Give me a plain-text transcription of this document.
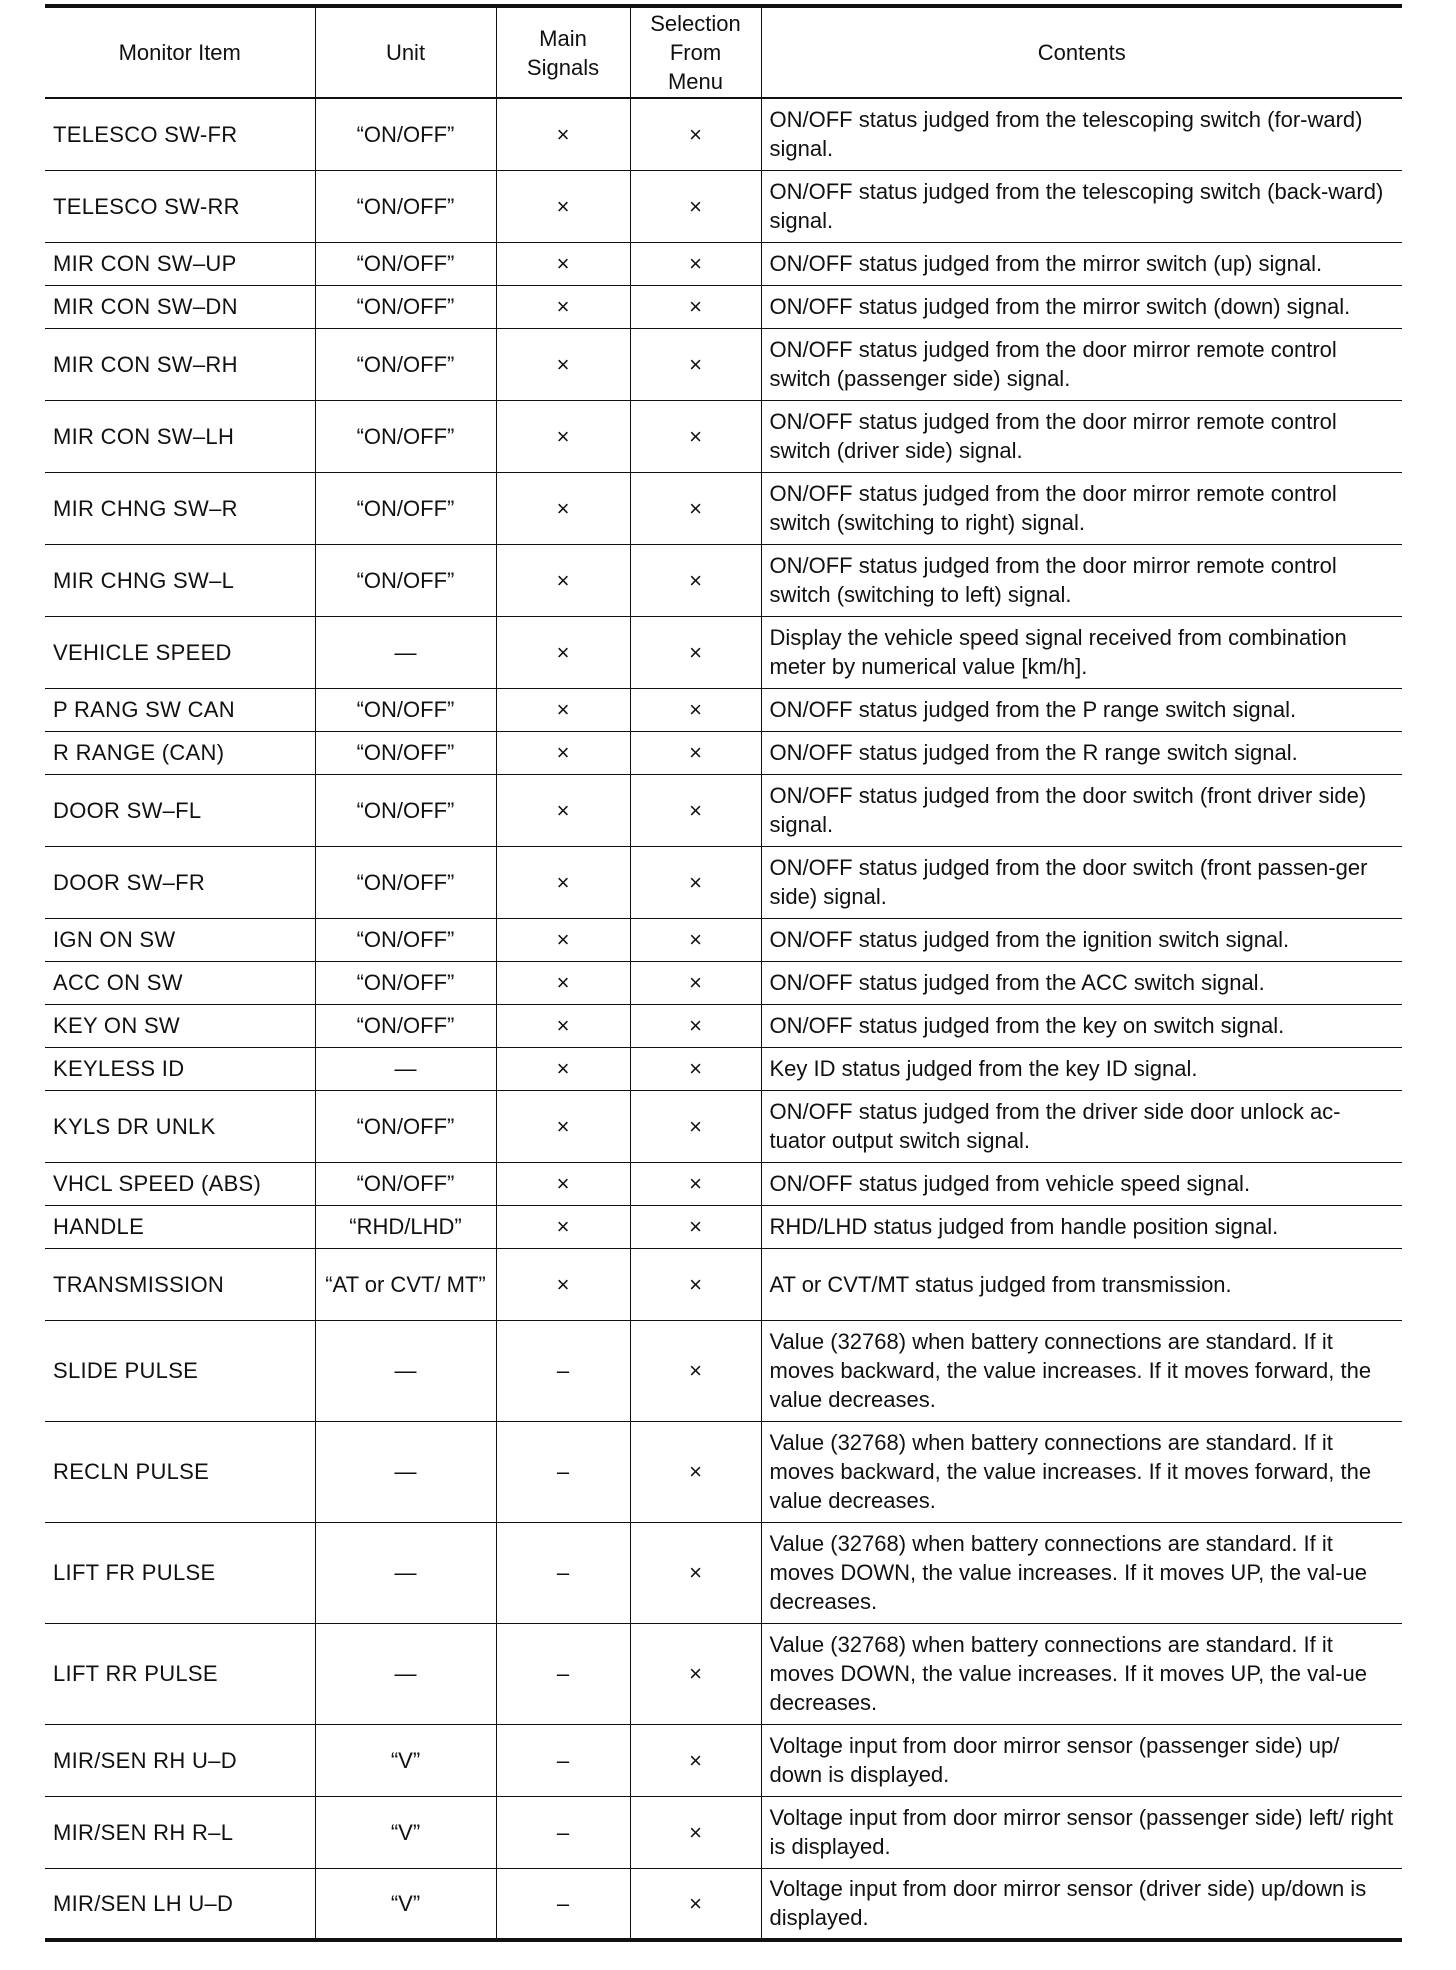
Monitor Item	Unit	Main Signals	Selection From Menu	Contents
TELESCO SW-FR	“ON/OFF”	×	×	ON/OFF status judged from the telescoping switch (for-ward) signal.
TELESCO SW-RR	“ON/OFF”	×	×	ON/OFF status judged from the telescoping switch (back-ward) signal.
MIR CON SW–UP	“ON/OFF”	×	×	ON/OFF status judged from the mirror switch (up) signal.
MIR CON SW–DN	“ON/OFF”	×	×	ON/OFF status judged from the mirror switch (down) signal.
MIR CON SW–RH	“ON/OFF”	×	×	ON/OFF status judged from the door mirror remote control switch (passenger side) signal.
MIR CON SW–LH	“ON/OFF”	×	×	ON/OFF status judged from the door mirror remote control switch (driver side) signal.
MIR CHNG SW–R	“ON/OFF”	×	×	ON/OFF status judged from the door mirror remote control switch (switching to right) signal.
MIR CHNG SW–L	“ON/OFF”	×	×	ON/OFF status judged from the door mirror remote control switch (switching to left) signal.
VEHICLE SPEED	—	×	×	Display the vehicle speed signal received from combination meter by numerical value [km/h].
P RANG SW CAN	“ON/OFF”	×	×	ON/OFF status judged from the P range switch signal.
R RANGE (CAN)	“ON/OFF”	×	×	ON/OFF status judged from the R range switch signal.
DOOR SW–FL	“ON/OFF”	×	×	ON/OFF status judged from the door switch (front driver side) signal.
DOOR SW–FR	“ON/OFF”	×	×	ON/OFF status judged from the door switch (front passen-ger side) signal.
IGN ON SW	“ON/OFF”	×	×	ON/OFF status judged from the ignition switch signal.
ACC ON SW	“ON/OFF”	×	×	ON/OFF status judged from the ACC switch signal.
KEY ON SW	“ON/OFF”	×	×	ON/OFF status judged from the key on switch signal.
KEYLESS ID	—	×	×	Key ID status judged from the key ID signal.
KYLS DR UNLK	“ON/OFF”	×	×	ON/OFF status judged from the driver side door unlock ac-tuator output switch signal.
VHCL SPEED (ABS)	“ON/OFF”	×	×	ON/OFF status judged from vehicle speed signal.
HANDLE	“RHD/LHD”	×	×	RHD/LHD status judged from handle position signal.
TRANSMISSION	“AT or CVT/ MT”	×	×	AT or CVT/MT status judged from transmission.
SLIDE PULSE	—	–	×	Value (32768) when battery connections are standard. If it moves backward, the value increases. If it moves forward, the value decreases.
RECLN PULSE	—	–	×	Value (32768) when battery connections are standard. If it moves backward, the value increases. If it moves forward, the value decreases.
LIFT FR PULSE	—	–	×	Value (32768) when battery connections are standard. If it moves DOWN, the value increases. If it moves UP, the val-ue decreases.
LIFT RR PULSE	—	–	×	Value (32768) when battery connections are standard. If it moves DOWN, the value increases. If it moves UP, the val-ue decreases.
MIR/SEN RH U–D	“V”	–	×	Voltage input from door mirror sensor (passenger side) up/ down is displayed.
MIR/SEN RH R–L	“V”	–	×	Voltage input from door mirror sensor (passenger side) left/ right is displayed.
MIR/SEN LH U–D	“V”	–	×	Voltage input from door mirror sensor (driver side) up/down is displayed.
